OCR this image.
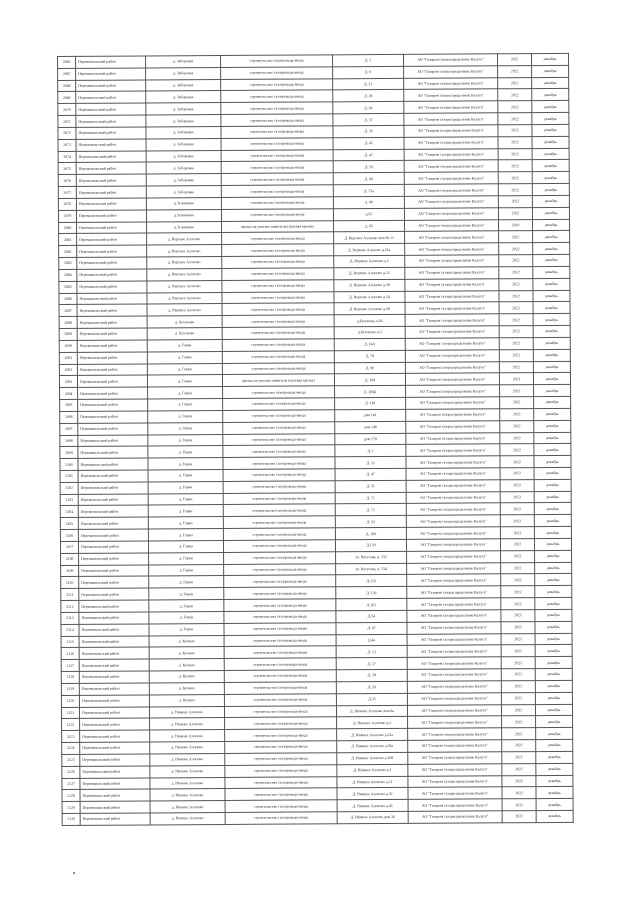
2066	Перемышльский район	д. Заборовка	строительство газопровода-ввода	Д. 5	АО "Газпром газораспределение Калуга"	2022	декабрь
2067	Перемышльский район	д. Заборовка	строительство газопровода-ввода	Д. 9	АО "Газпром газораспределение Калуга"	2022	декабрь
2068	Перемышльский район	д. Заборовка	строительство газопровода-ввода	Д. 21	АО "Газпром газораспределение Калуга"	2022	декабрь
2069	Перемышльский район	д. Заборовка	строительство газопровода-ввода	Д. 28	АО "Газпром газораспределение Калуга"	2022	декабрь
2070	Перемышльский район	д. Заборовка	строительство газопровода-ввода	Д. 36	АО "Газпром газораспределение Калуга"	2022	декабрь
2071	Перемышльский район	д. Заборовка	строительство газопровода-ввода	Д. 37	АО "Газпром газораспределение Калуга"	2022	декабрь
2072	Перемышльский район	д. Заборовка	строительство газопровода-ввода	Д. 39	АО "Газпром газораспределение Калуга"	2022	декабрь
2073	Перемышльский район	д. Заборовка	строительство газопровода-ввода	Д. 45	АО "Газпром газораспределение Калуга"	2022	декабрь
2074	Перемышльский район	д. Заборовка	строительство газопровода-ввода	Д. 47	АО "Газпром газораспределение Калуга"	2022	декабрь
2075	Перемышльский район	д. Заборовка	строительство газопровода-ввода	Д. 59	АО "Газпром газораспределение Калуга"	2022	декабрь
2076	Перемышльский район	д. Заборовка	строительство газопровода-ввода	Д. 69	АО "Газпром газораспределение Калуга"	2022	декабрь
2077	Перемышльский район	д. Заборовка	строительство газопровода-ввода	Д. 73а	АО "Газпром газораспределение Калуга"	2022	декабрь
2078	Перемышльский район	д.Зеленинка	строительство газопровода-ввода	д. 49	АО "Газпром газораспределение Калуга"	2022	декабрь
2079	Перемышльский район	д.Зеленинка	строительство газопровода-ввода	д.61	АО "Газпром газораспределение Калуга"	2022	декабрь
2080	Перемышльский район	д.Зеленинка	врезка на участке заявителя (нулевая врезка)	д. 65	АО "Газпром газораспределение Калуга"	2020	декабрь
2081	Перемышльский район	д. Верхнее Алопово	строительство газопровода-ввода	Д. Верхнее Алопово дом № 13	АО "Газпром газораспределение Калуга"	2022	декабрь
2082	Перемышльский район	д. Верхнее Алопово	строительство газопровода-ввода	Д. Верхнее Алопово д.21а	АО "Газпром газораспределение Калуга"	2022	декабрь
2083	Перемышльский район	д. Верхнее Алопово	строительство газопровода-ввода	Д. Верхнее Алопово д.3	АО "Газпром газораспределение Калуга"	2022	декабрь
2084	Перемышльский район	д. Верхнее Алопово	строительство газопровода-ввода	Д. Верхнее Алопово д.33	АО "Газпром газораспределение Калуга"	2022	декабрь
2085	Перемышльский район	д. Верхнее Алопово	строительство газопровода-ввода	Д. Верхнее Алопово д.38	АО "Газпром газораспределение Калуга"	2022	декабрь
2086	Перемышльский район	д. Верхнее Алопово	строительство газопровода-ввода	Д. Верхнее Алопово д.54	АО "Газпром газораспределение Калуга"	2022	декабрь
2087	Перемышльский район	д. Верхнее Алопово	строительство газопровода-ввода	Д. Верхнее Алопово д.58	АО "Газпром газораспределение Калуга"	2022	декабрь
2088	Перемышльский район	д. Бухонова	строительство газопровода-ввода	д.Бухонова д.26	АО "Газпром газораспределение Калуга"	2022	декабрь
2089	Перемышльский район	д. Бухонова	строительство газопровода-ввода	д.Бухонова д.3	АО "Газпром газораспределение Калуга"	2022	декабрь
2090	Перемышльский район	д. Горки	строительство газопровода-ввода	Д. 14А	АО "Газпром газораспределение Калуга"	2022	декабрь
2091	Перемышльский район	д. Горки	строительство газопровода-ввода	Д. 78	АО "Газпром газораспределение Калуга"	2022	декабрь
2092	Перемышльский район	д. Горки	строительство газопровода-ввода	Д. 90	АО "Газпром газораспределение Калуга"	2022	декабрь
2093	Перемышльский район	д. Горки	врезка на участке заявителя (нулевая врезка)	Д. 104	АО "Газпром газораспределение Калуга"	2021	декабрь
2094	Перемышльский район	д. Горки	строительство газопровода-ввода	Д. 106Б	АО "Газпром газораспределение Калуга"	2022	декабрь
2095	Перемышльский район	д. Горки	строительство газопровода-ввода	Д. 118	АО "Газпром газораспределение Калуга"	2022	декабрь
2096	Перемышльский район	д. Горки	строительство газопровода-ввода	дом 141	АО "Газпром газораспределение Калуга"	2022	декабрь
2097	Перемышльский район	д. Горки	строительство газопровода-ввода	дом 148	АО "Газпром газораспределение Калуга"	2022	декабрь
2098	Перемышльский район	д. Горки	строительство газопровода-ввода	дом 178	АО "Газпром газораспределение Калуга"	2022	декабрь
2099	Перемышльский район	д. Горки	строительство газопровода-ввода	Д.1	АО "Газпром газораспределение Калуга"	2022	декабрь
2100	Перемышльский район	д. Горки	строительство газопровода-ввода	Д. 33	АО "Газпром газораспределение Калуга"	2022	декабрь
2101	Перемышльский район	д. Горки	строительство газопровода-ввода	Д. 47	АО "Газпром газораспределение Калуга"	2022	декабрь
2102	Перемышльский район	д. Горки	строительство газопровода-ввода	Д. 51	АО "Газпром газораспределение Калуга"	2022	декабрь
2103	Перемышльский район	д. Горки	строительство газопровода-ввода	Д. 71	АО "Газпром газораспределение Калуга"	2022	декабрь
2104	Перемышльский район	д. Горки	строительство газопровода-ввода	Д. 72	АО "Газпром газораспределение Калуга"	2022	декабрь
2105	Перемышльский район	д. Горки	строительство газопровода-ввода	Д. 93	АО "Газпром газораспределение Калуга"	2022	декабрь
2106	Перемышльский район	д. Горки	строительство газопровода-ввода	Д. 109	АО "Газпром газораспределение Калуга"	2022	декабрь
2107	Перемышльский район	д. Горки	строительство газопровода-ввода	Д.129	АО "Газпром газораспределение Калуга"	2022	декабрь
2108	Перемышльский район	д. Горки	строительство газопровода-ввода	ул. Кутузова, д. 232	АО "Газпром газораспределение Калуга"	2022	декабрь
2109	Перемышльский район	д. Горки	строительство газопровода-ввода	ул. Кутузова, д. 234	АО "Газпром газораспределение Калуга"	2022	декабрь
2110	Перемышльский район	д. Горки	строительство газопровода-ввода	Д.133	АО "Газпром газораспределение Калуга"	2022	декабрь
2111	Перемышльский район	д. Горки	строительство газопровода-ввода	Д. 139	АО "Газпром газораспределение Калуга"	2022	декабрь
2112	Перемышльский район	д. Горки	строительство газопровода-ввода	Д.161	АО "Газпром газораспределение Калуга"	2022	декабрь
2113	Перемышльский район	д. Горки	строительство газопровода-ввода	Д.24	АО "Газпром газораспределение Калуга"	2022	декабрь
2114	Перемышльский район	д. Горки	строительство газопровода-ввода	Д. 67	АО "Газпром газораспределение Калуга"	2022	декабрь
2115	Перемышльский район	д. Кучино	строительство газопровода-ввода	Д.4а	АО "Газпром газораспределение Калуга"	2022	декабрь
2116	Перемышльский район	д. Кучино	строительство газопровода-ввода	Д. 13	АО "Газпром газораспределение Калуга"	2022	декабрь
2117	Перемышльский район	д. Кучино	строительство газопровода-ввода	Д. 27	АО "Газпром газораспределение Калуга"	2022	декабрь
2118	Перемышльский район	д. Кучино	строительство газопровода-ввода	Д. 28	АО "Газпром газораспределение Калуга"	2022	декабрь
2119	Перемышльский район	д. Кучино	строительство газопровода-ввода	Д. 29	АО "Газпром газораспределение Калуга"	2022	декабрь
2120	Перемышльский район	д. Кучино	строительство газопровода-ввода	Д.35	АО "Газпром газораспределение Калуга"	2022	декабрь
2121	Перемышльский район	д. Нижнее Алопово	строительство газопровода-ввода	Д. Нижнее Алопово дом 6а	АО "Газпром газораспределение Калуга"	2022	декабрь
2122	Перемышльский район	д. Нижнее Алопово	строительство газопровода-ввода	Д. Нижнее Алопово д.2	АО "Газпром газораспределение Калуга"	2022	декабрь
2123	Перемышльский район	д. Нижнее Алопово	строительство газопровода-ввода	Д. Нижнее Алопово д.22а	АО "Газпром газораспределение Калуга"	2022	декабрь
2124	Перемышльский район	д. Нижнее Алопово	строительство газопровода-ввода	Д. Нижнее Алопово д.30а	АО "Газпром газораспределение Калуга"	2022	декабрь
2125	Перемышльский район	д. Нижнее Алопово	строительство газопровода-ввода	Д. Нижнее Алопово д.109	АО "Газпром газораспределение Калуга"	2022	декабрь
2126	Перемышльский район	д. Нижнее Алопово	строительство газопровода-ввода	Д. Нижнее Алопово д.1	АО "Газпром газораспределение Калуга"	2022	декабрь
2127	Перемышльский район	д. Нижнее Алопово	строительство газопровода-ввода	Д. Нижнее Алопово д.21	АО "Газпром газораспределение Калуга"	2022	декабрь
2128	Перемышльский район	д. Нижнее Алопово	строительство газопровода-ввода	Д. Нижнее Алопово д.32	АО "Газпром газораспределение Калуга"	2022	декабрь
2129	Перемышльский район	д. Нижнее Алопово	строительство газопровода-ввода	Д. Нижнее Алопово д.45	АО "Газпром газораспределение Калуга"	2022	декабрь
2130	Перемышльский район	д. Нижнее Алопово	строительство газопровода-ввода	Д. Нижнее Алопово дом 36	АО "Газпром газораспределение Калуга"	2022	декабрь
